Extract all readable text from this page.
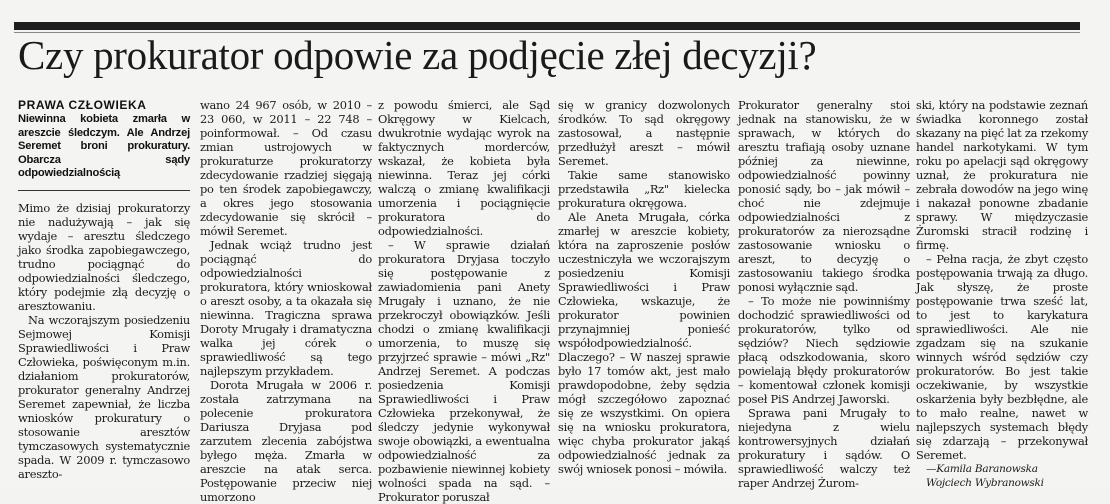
Czy prokurator odpowie za podjęcie złej decyzji?
PRAWA CZŁOWIEKA

Niewinna kobieta zmarła w areszcie śledczym. Ale Andrzej Seremet broni prokuratury. Obarcza sądy odpowiedzialnością

Mimo że dzisiaj prokuratorzy nie nadużywają – jak się wydaje – aresztu śledczego jako środka zapobiegawczego, trudno pociągnąć do odpowiedzialności śledczego, który podejmie złą decyzję o aresztowaniu.

Na wczorajszym posiedzeniu Sejmowej Komisji Sprawiedliwości i Praw Człowieka, poświęconym m.in. działaniom prokuratorów, prokurator generalny Andrzej Seremet zapewniał, że liczba wniosków prokuratury o stosowanie aresztów tymczasowych systematycznie spada. W 2009 r. tymczasowo areszto-

wano 24 967 osób, w 2010 – 23 060, w 2011 – 22 748 – poinformował. – Od czasu zmian ustrojowych w prokuraturze prokuratorzy zdecydowanie rzadziej sięgają po ten środek zapobiegawczy, a okres jego stosowania zdecydowanie się skrócił – mówił Seremet.

Jednak wciąż trudno jest pociągnąć do odpowiedzialności prokuratora, który wnioskował o areszt osoby, a ta okazała się niewinna. Tragiczna sprawa Doroty Mrugały i dramatyczna walka jej córek o sprawiedliwość są tego najlepszym przykładem.

Dorota Mrugała w 2006 r. została zatrzymana na polecenie prokuratora Dariusza Dryjasa pod zarzutem zlecenia zabójstwa byłego męża. Zmarła w areszcie na atak serca. Postępowanie przeciw niej umorzono

z powodu śmierci, ale Sąd Okręgowy w Kielcach, dwukrotnie wydając wyrok na faktycznych morderców, wskazał, że kobieta była niewinna. Teraz jej córki walczą o zmianę kwalifikacji umorzenia i pociągnięcie prokuratora do odpowiedzialności.

– W sprawie działań prokuratora Dryjasa toczyło się postępowanie z zawiadomienia pani Anety Mrugały i uznano, że nie przekroczył obowiązków. Jeśli chodzi o zmianę kwalifikacji umorzenia, to muszę się przyjrzeć sprawie – mówi „Rz" Andrzej Seremet. A podczas posiedzenia Komisji Sprawiedliwości i Praw Człowieka przekonywał, że śledczy jedynie wykonywał swoje obowiązki, a ewentualna odpowiedzialność za pozbawienie niewinnej kobiety wolności spada na sąd. – Prokurator poruszał

się w granicy dozwolonych środków. To sąd okręgowy zastosował, a następnie przedłużył areszt – mówił Seremet.

Takie same stanowisko przedstawiła „Rz" kielecka prokuratura okręgowa.

Ale Aneta Mrugała, córka zmarłej w areszcie kobiety, która na zaproszenie posłów uczestniczyła we wczorajszym posiedzeniu Komisji Sprawiedliwości i Praw Człowieka, wskazuje, że prokurator powinien przynajmniej ponieść współodpowiedzialność. Dlaczego? – W naszej sprawie było 17 tomów akt, jest mało prawdopodobne, żeby sędzia mógł szczegółowo zapoznać się ze wszystkimi. On opiera się na wniosku prokuratora, więc chyba prokurator jakąś odpowiedzialność jednak za swój wniosek ponosi – mówiła.

Prokurator generalny stoi jednak na stanowisku, że w sprawach, w których do aresztu trafiają osoby uznane później za niewinne, odpowiedzialność powinny ponosić sądy, bo – jak mówił – choć nie zdejmuje odpowiedzialności z prokuratorów za nierozsądne zastosowanie wniosku o areszt, to decyzję o zastosowaniu takiego środka ponosi wyłącznie sąd.

– To może nie powinniśmy dochodzić sprawiedliwości od prokuratorów, tylko od sędziów? Niech sędziowie płacą odszkodowania, skoro powielają błędy prokuratorów – komentował członek komisji poseł PiS Andrzej Jaworski.

Sprawa pani Mrugały to niejedyna z wielu kontrowersyjnych działań prokuratury i sądów. O sprawiedliwość walczy też raper Andrzej Żurom-

ski, który na podstawie zeznań świadka koronnego został skazany na pięć lat za rzekomy handel narkotykami. W tym roku po apelacji sąd okręgowy uznał, że prokuratura nie zebrała dowodów na jego winę i nakazał ponowne zbadanie sprawy. W międzyczasie Żuromski stracił rodzinę i firmę.

– Pełna racja, że zbyt często postępowania trwają za długo. Jak słyszę, że proste postępowanie trwa sześć lat, to jest to karykatura sprawiedliwości. Ale nie zgadzam się na szukanie winnych wśród sędziów czy prokuratorów. Bo jest takie oczekiwanie, by wszystkie oskarżenia były bezbłędne, ale to mało realne, nawet w najlepszych systemach błędy się zdarzają – przekonywał Seremet.

—Kamila Baranowska

Wojciech Wybranowski
